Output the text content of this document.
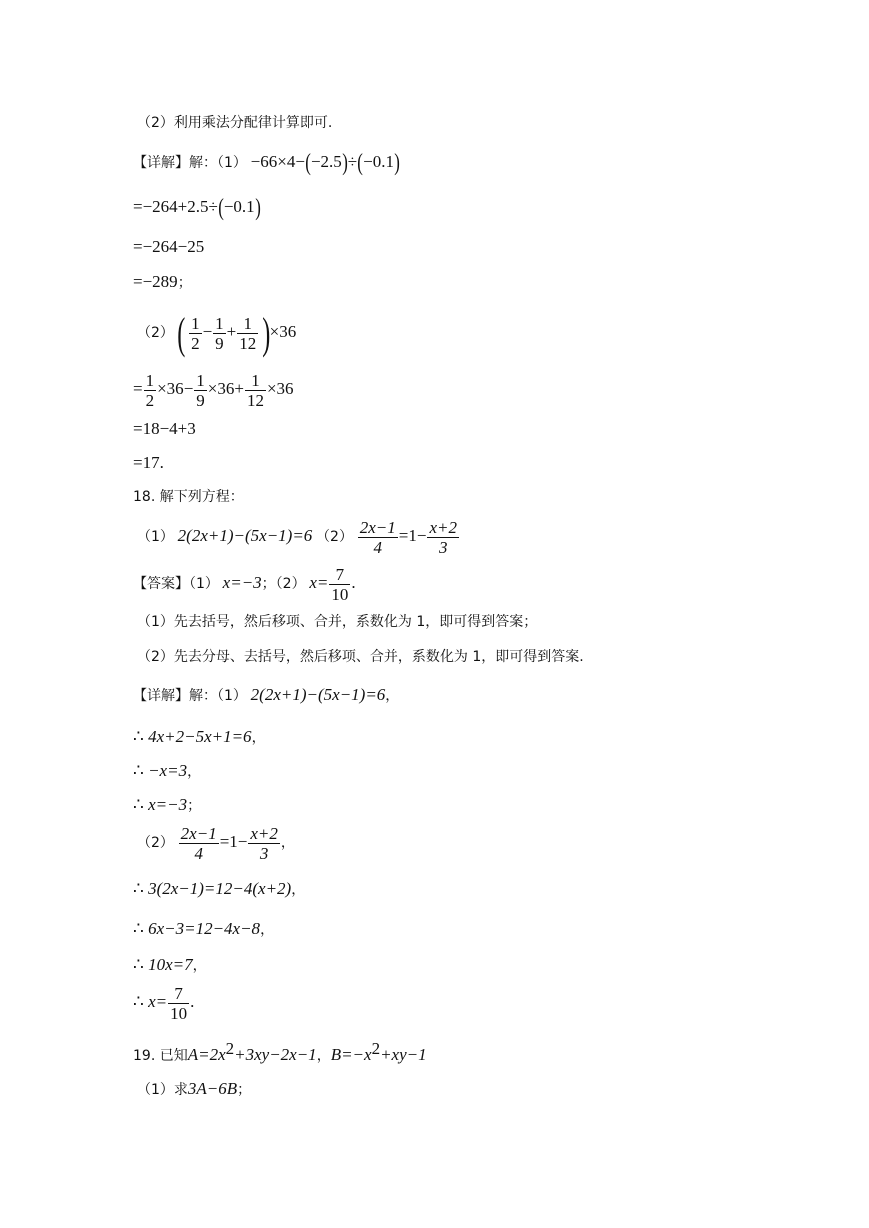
（2）利用乘法分配律计算即可.
【详解】解：（1） −66×4−(−2.5)÷(−0.1)
=−264+2.5÷(−0.1)
=−264−25
=−289；
（2） ( $\frac{1}{2} - \frac{1}{9} + \frac{1}{12} )\times 36$
= $\frac{1}{2} \times 36- \frac{1}{9} \times 36+ \frac{1}{12} \times 36$
=18−4+3
=17.
18. 解下列方程：
（1） 2(2x+1)−(5x−1)=6 $(2) \frac{2x-1}{4} =1- \frac{x+2}{3}$
【答案】（1） x=−3；（2） $x= \frac{7}{10}$ .
（1）先去括号，然后移项、合并，系数化为 1，即可得到答案；
（2）先去分母、去括号，然后移项、合并，系数化为 1，即可得到答案.
【详解】解：（1） 2(2x+1)−(5x−1)=6，
∴ 4x+2−5x+1=6，
∴ −x=3，
∴ x=−3；
$(2) \frac{2x-1}{4} =1- \frac{x+2}{3}$ ，
∴ 3(2x−1)=12−4(x+2)，
∴ 6x−3=12−4x−8，
∴ 10x=7，
∴ $x= \frac{7}{10}$ .
19. 已知$A=2x^2+3xy-2x-1$，$B=-x^2+xy-1$
（1）求3A−6B；
